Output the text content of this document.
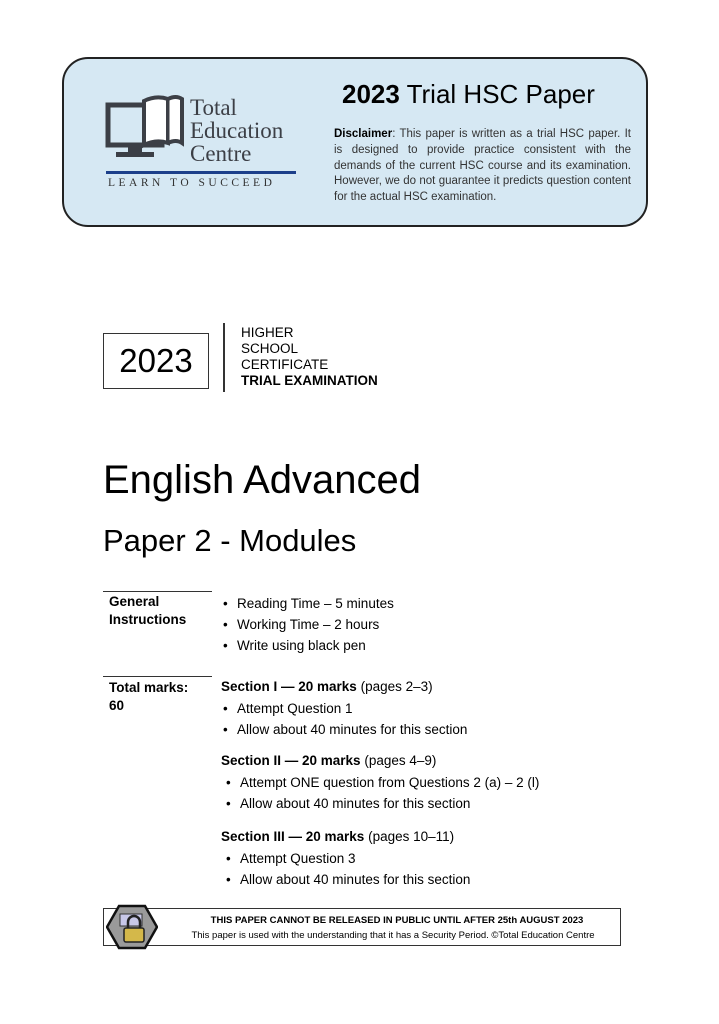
Total
Education
Centre
LEARN TO SUCCEED
2023 Trial HSC Paper
Disclaimer: This paper is written as a trial HSC paper. It is designed to provide practice consistent with the demands of the current HSC course and its examination. However, we do not guarantee it predicts question content for the actual HSC examination.
2023
HIGHER
SCHOOL
CERTIFICATE
TRIAL EXAMINATION
English Advanced
Paper 2 - Modules
General
Instructions
• Reading Time – 5 minutes
• Working Time – 2 hours
• Write using black pen
Total marks:
60
Section I — 20 marks (pages 2–3)
• Attempt Question 1
• Allow about 40 minutes for this section
Section II — 20 marks (pages 4–9)
• Attempt ONE question from Questions 2 (a) – 2 (l)
• Allow about 40 minutes for this section
Section III — 20 marks (pages 10–11)
• Attempt Question 3
• Allow about 40 minutes for this section
THIS PAPER CANNOT BE RELEASED IN PUBLIC UNTIL AFTER 25th AUGUST 2023
This paper is used with the understanding that it has a Security Period. ©Total Education Centre
